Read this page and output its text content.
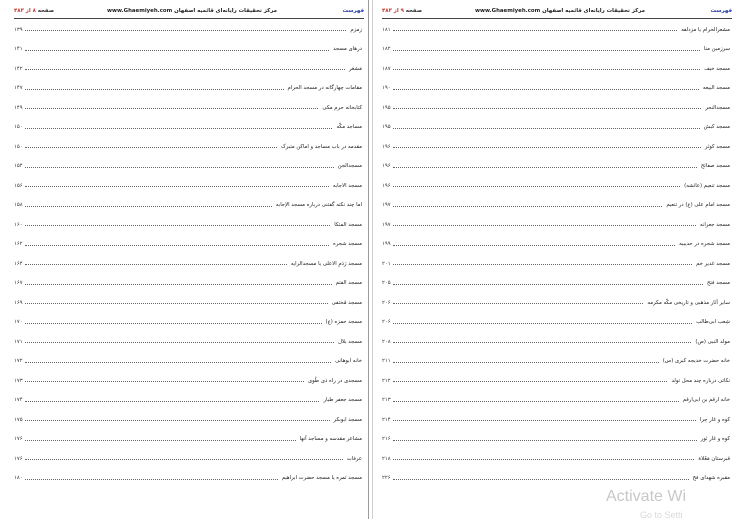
فهرست
مرکز تحقیقات رایانه‌ای قائمیه اصفهان www.Ghaemiyeh.com
صفحه ۸ از ۴۸۳
زمزم
۱۳۹
درهای مسجد
۱۴۱
مَشعَر
۱۴۲
مقامات چهارگانه در مسجد الحرام
۱۴۷
کتابخانه حرم مکی
۱۴۹
مساجد مکّه
۱۵۰
مقدمه در باب مساجد و اماکن متبرک
۱۵۰
مسجدالجن
۱۵۴
مسجد الاجابه
۱۵۶
اما چند نکته گفتنی درباره مسجد الإجابه
۱۵۸
مسجد المتکا
۱۶۰
مسجد شجره
۱۶۲
مسجد رَدَمِ الاعلی یا مسجدالرایه
۱۶۴
مسجد الفتم
۱۶۷
مسجد مُختفی
۱۶۹
مسجد حمزه (ع)
۱۷۰
مسجد بلال
۱۷۱
خانه ابوهانی
۱۷۲
مسجدی در راه ذی طُوی
۱۷۳
مسجد جعفر طیار
۱۷۴
مسجد ابوبکر
۱۷۵
مشاعر مقدسه و مساجد آنها
۱۷۶
عرفات
۱۷۶
مسجد نَمره یا مسجد حضرت ابراهیم
۱۸۰
فهرست
مرکز تحقیقات رایانه‌ای قائمیه اصفهان www.Ghaemiyeh.com
صفحه ۹ از ۴۸۳
مشعرالحرام یا مزدلفه
۱۸۱
سرزمین منا
۱۸۲
مسجد خیف
۱۸۷
مسجد البیعه
۱۹۰
مسجدالنحر
۱۹۵
مسجد کبش
۱۹۵
مسجد کوثر
۱۹۶
مسجد صفائح
۱۹۶
مسجد تنعیم (عائشه)
۱۹۶
مسجد امام علی (ع) در تنعیم
۱۹۷
مسجد جعرانه
۱۹۷
مسجد شجره در حدیبیه
۱۹۹
مسجد غدیر خم
۲۰۱
مسجد فتح
۲۰۵
سایر آثار مذهبی و تاریخی مکّه مکرمه
۲۰۶
شِعب ابی‌طالب
۲۰۶
مولد النبی (ص)
۲۰۸
خانه حضرت خدیجه کبری (س)
۲۱۱
نکاتی درباره چند محل تولد
۲۱۲
خانه ارقم بن ابی‌ارقم
۲۱۳
کوه و غار حِرا
۲۱۴
کوه و غار ثور
۲۱۶
قبرستان مَعْلاة
۲۱۸
مقبره شهدای فخ
۲۲۶
Activate Wi
Go to Setti
